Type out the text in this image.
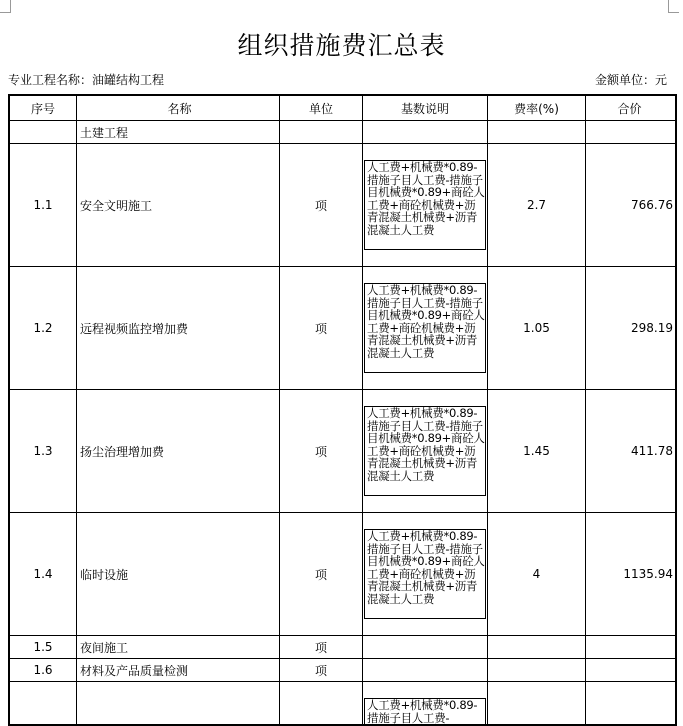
组织措施费汇总表
专业工程名称：油罐结构工程	金额单位：元
序号	名称	单位	基数说明	费率(%)	合价
	土建工程				
1.1	安全文明施工	项	人工费+机械费*0.89-措施子目人工费-措施子目机械费*0.89+商砼人工费+商砼机械费+沥青混凝土机械费+沥青混凝土人工费	2.7	766.76
1.2	远程视频监控增加费	项	人工费+机械费*0.89-措施子目人工费-措施子目机械费*0.89+商砼人工费+商砼机械费+沥青混凝土机械费+沥青混凝土人工费	1.05	298.19
1.3	扬尘治理增加费	项	人工费+机械费*0.89-措施子目人工费-措施子目机械费*0.89+商砼人工费+商砼机械费+沥青混凝土机械费+沥青混凝土人工费	1.45	411.78
1.4	临时设施	项	人工费+机械费*0.89-措施子目人工费-措施子目机械费*0.89+商砼人工费+商砼机械费+沥青混凝土机械费+沥青混凝土人工费	4	1135.94
1.5	夜间施工	项			
1.6	材料及产品质量检测	项			

			人工费+机械费*0.89-措施子目人工费-		
